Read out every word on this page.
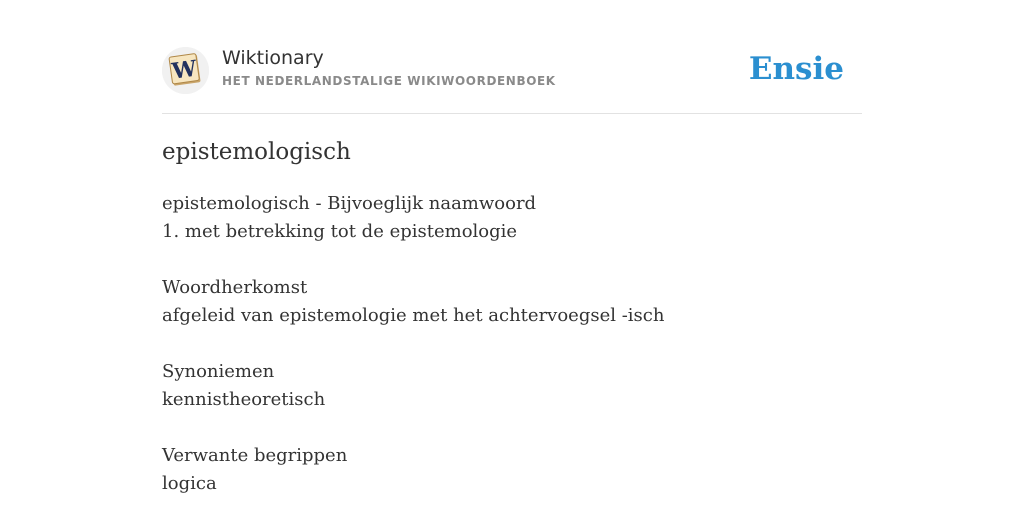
W Wiktionary
HET NEDERLANDSTALIGE WIKIWOORDENBOEK	Ensie
epistemologisch
epistemologisch - Bijvoeglijk naamwoord
1. met betrekking tot de epistemologie
Woordherkomst
afgeleid van epistemologie met het achtervoegsel -isch
Synoniemen
kennistheoretisch
Verwante begrippen
logica
